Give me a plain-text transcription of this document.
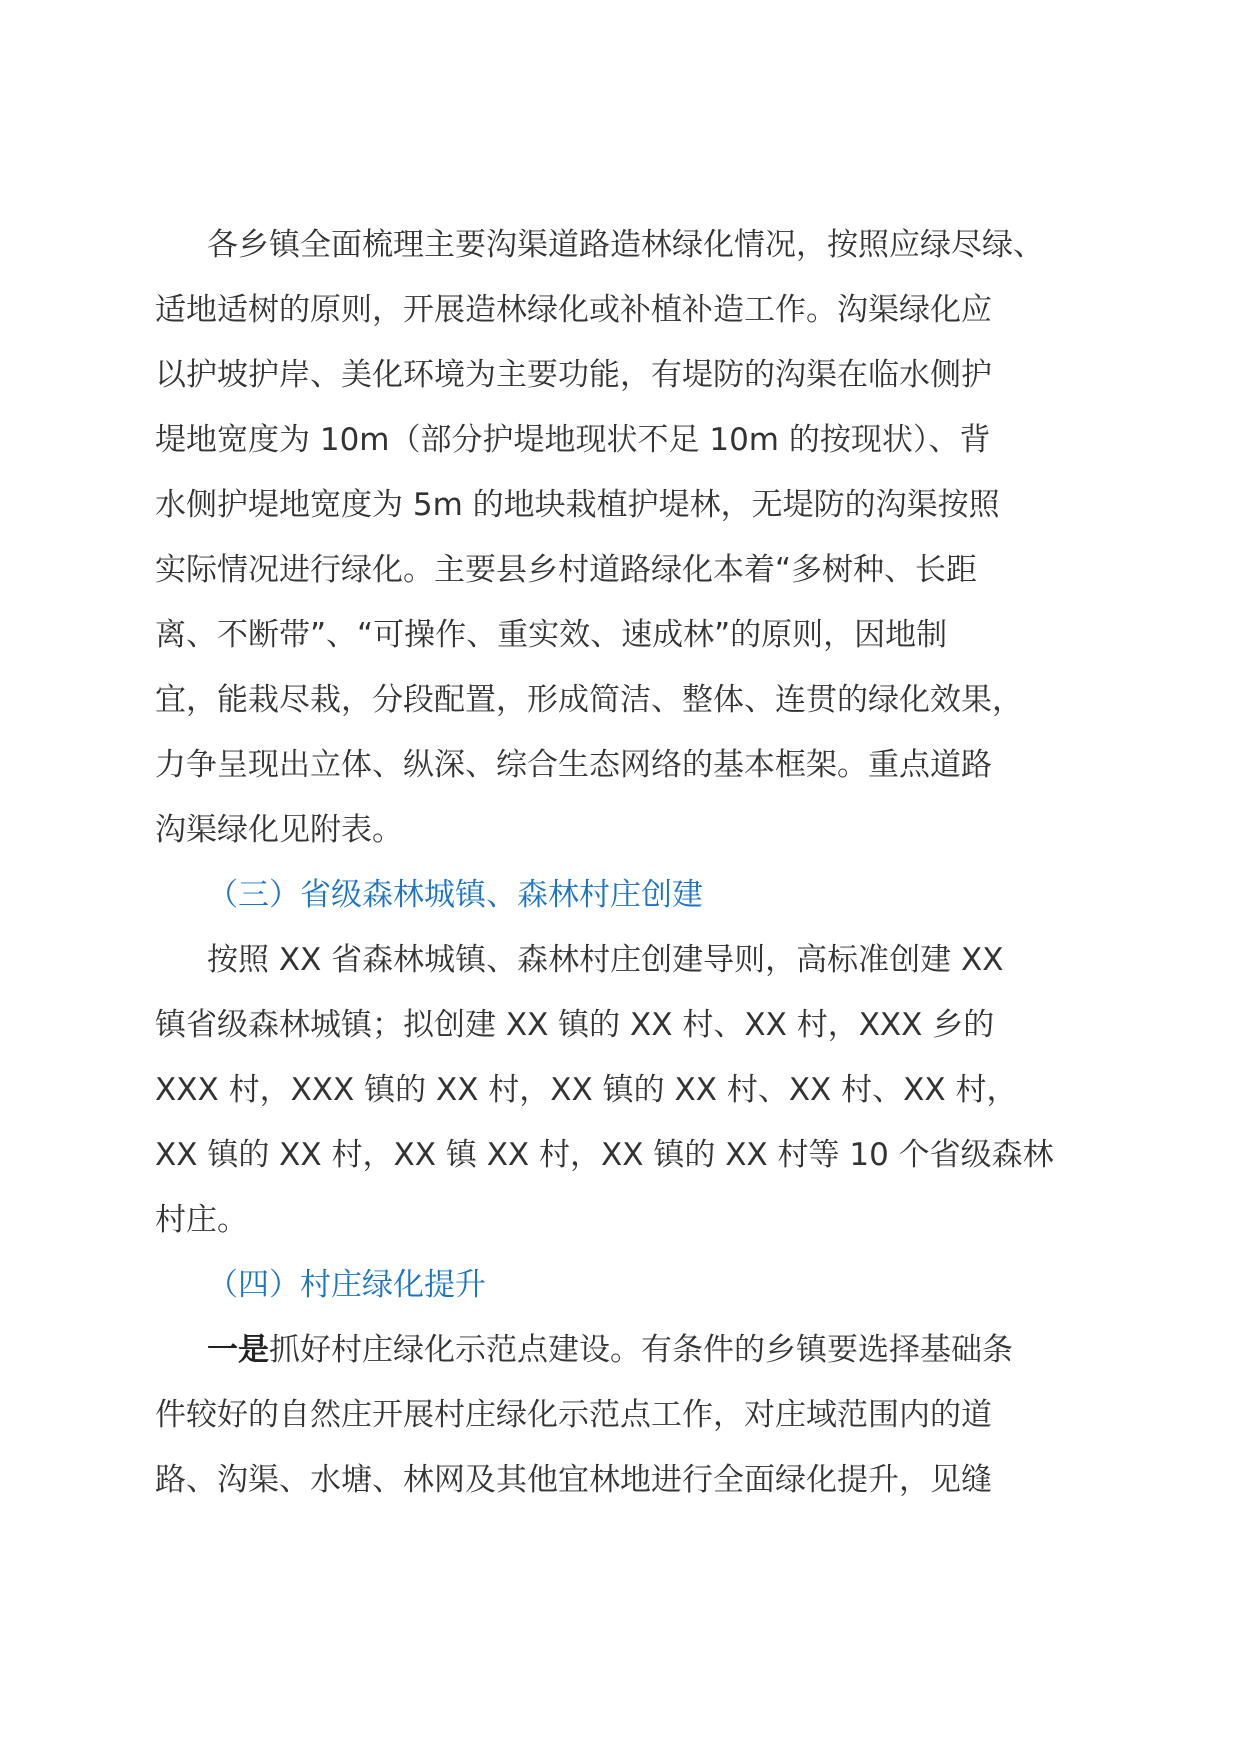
各乡镇全面梳理主要沟渠道路造林绿化情况，按照应绿尽绿、
适地适树的原则，开展造林绿化或补植补造工作。沟渠绿化应
以护坡护岸、美化环境为主要功能，有堤防的沟渠在临水侧护
堤地宽度为 10m（部分护堤地现状不足 10m 的按现状）、背
水侧护堤地宽度为 5m 的地块栽植护堤林，无堤防的沟渠按照
实际情况进行绿化。主要县乡村道路绿化本着“多树种、长距
离、不断带”、“可操作、重实效、速成林”的原则，因地制
宜，能栽尽栽，分段配置，形成简洁、整体、连贯的绿化效果，
力争呈现出立体、纵深、综合生态网络的基本框架。重点道路
沟渠绿化见附表。
（三）省级森林城镇、森林村庄创建
按照 XX 省森林城镇、森林村庄创建导则，高标准创建 XX
镇省级森林城镇；拟创建 XX 镇的 XX 村、XX 村，XXX 乡的
XXX 村，XXX 镇的 XX 村，XX 镇的 XX 村、XX 村、XX 村，
XX 镇的 XX 村，XX 镇 XX 村，XX 镇的 XX 村等 10 个省级森林
村庄。
（四）村庄绿化提升
一是抓好村庄绿化示范点建设。有条件的乡镇要选择基础条
件较好的自然庄开展村庄绿化示范点工作，对庄域范围内的道
路、沟渠、水塘、林网及其他宜林地进行全面绿化提升，见缝
